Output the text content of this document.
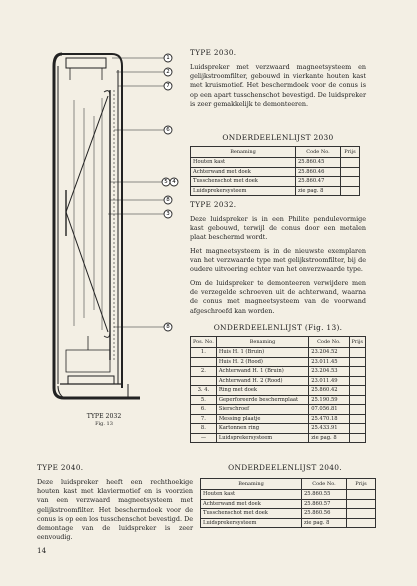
1
2
7
6
5 4
8
3
8
TYPE 2032
Fig. 13
TYPE 2030.
Luidspreker met verzwaard magneetsysteem en gelijkstroomfilter, gebouwd in vierkante houten kast met kruismotief. Het beschermdoek voor de conus is op een apart tusschenschot bevestigd. De luidspreker is zeer gemakkelijk te demonteeren.
ONDERDEELENLIJST 2030
Benaming	Code No.	Prijs
Houten kast	25.860.45	
Achterwand met doek	25.860.46	
Tusschenschot met doek	25.860.47	
Luidsprekersysteem	zie pag. 8	
TYPE 2032.
Deze luidspreker is in een Philite pendulevormige kast gebouwd, terwijl de conus door een metalen plaat beschermd wordt.
Het magneetsysteem is in de nieuwste exemplaren van het verzwaarde type met gelijkstroomfilter, bij de oudere uitvoering echter van het onverzwaarde type.
Om de luidspreker te demonteeren verwijdere men de verzegelde schroeven uit de achterwand, waarna de conus met magneetsysteem van de voorwand afgeschroefd kan worden.
ONDERDEELENLIJST (Fig. 13).
Pos. No.	Benaming	Code No.	Prijs
1.	Huis H. 1 (Bruin)	23.204.52	
	Huis H. 2 (Rood)	23.011.45	
2.	Achterwand H. 1 (Bruin)	23.204.53	
	Achterwand H. 2 (Rood)	23.011.49	
3. 4.	Ring met doek	25.860.42	
5.	Geperforeerde beschermplaat	25.190.59	
6.	Sierschroef	07.056.81	
7.	Messing plaatje	25.470.18	
8.	Kartonnen ring	25.433.91	
—	Luidsprekersysteem	zie pag. 8	
TYPE 2040.
Deze luidspreker heeft een rechthoekige houten kast met klaviermotief en is voorzien van een verzwaard magneetsysteem met gelijkstroomfilter. Het beschermdoek voor de conus is op een los tusschenschot bevestigd. De demontage van de luidspreker is zeer eenvoudig.
ONDERDEELENLIJST 2040.
Benaming	Code No.	Prijs
Houten kast	25.860.55	
Achterwand met doek	25.860.57	
Tusschenschot met doek	25.860.56	
Luidsprekersysteem	zie pag. 8	
14
